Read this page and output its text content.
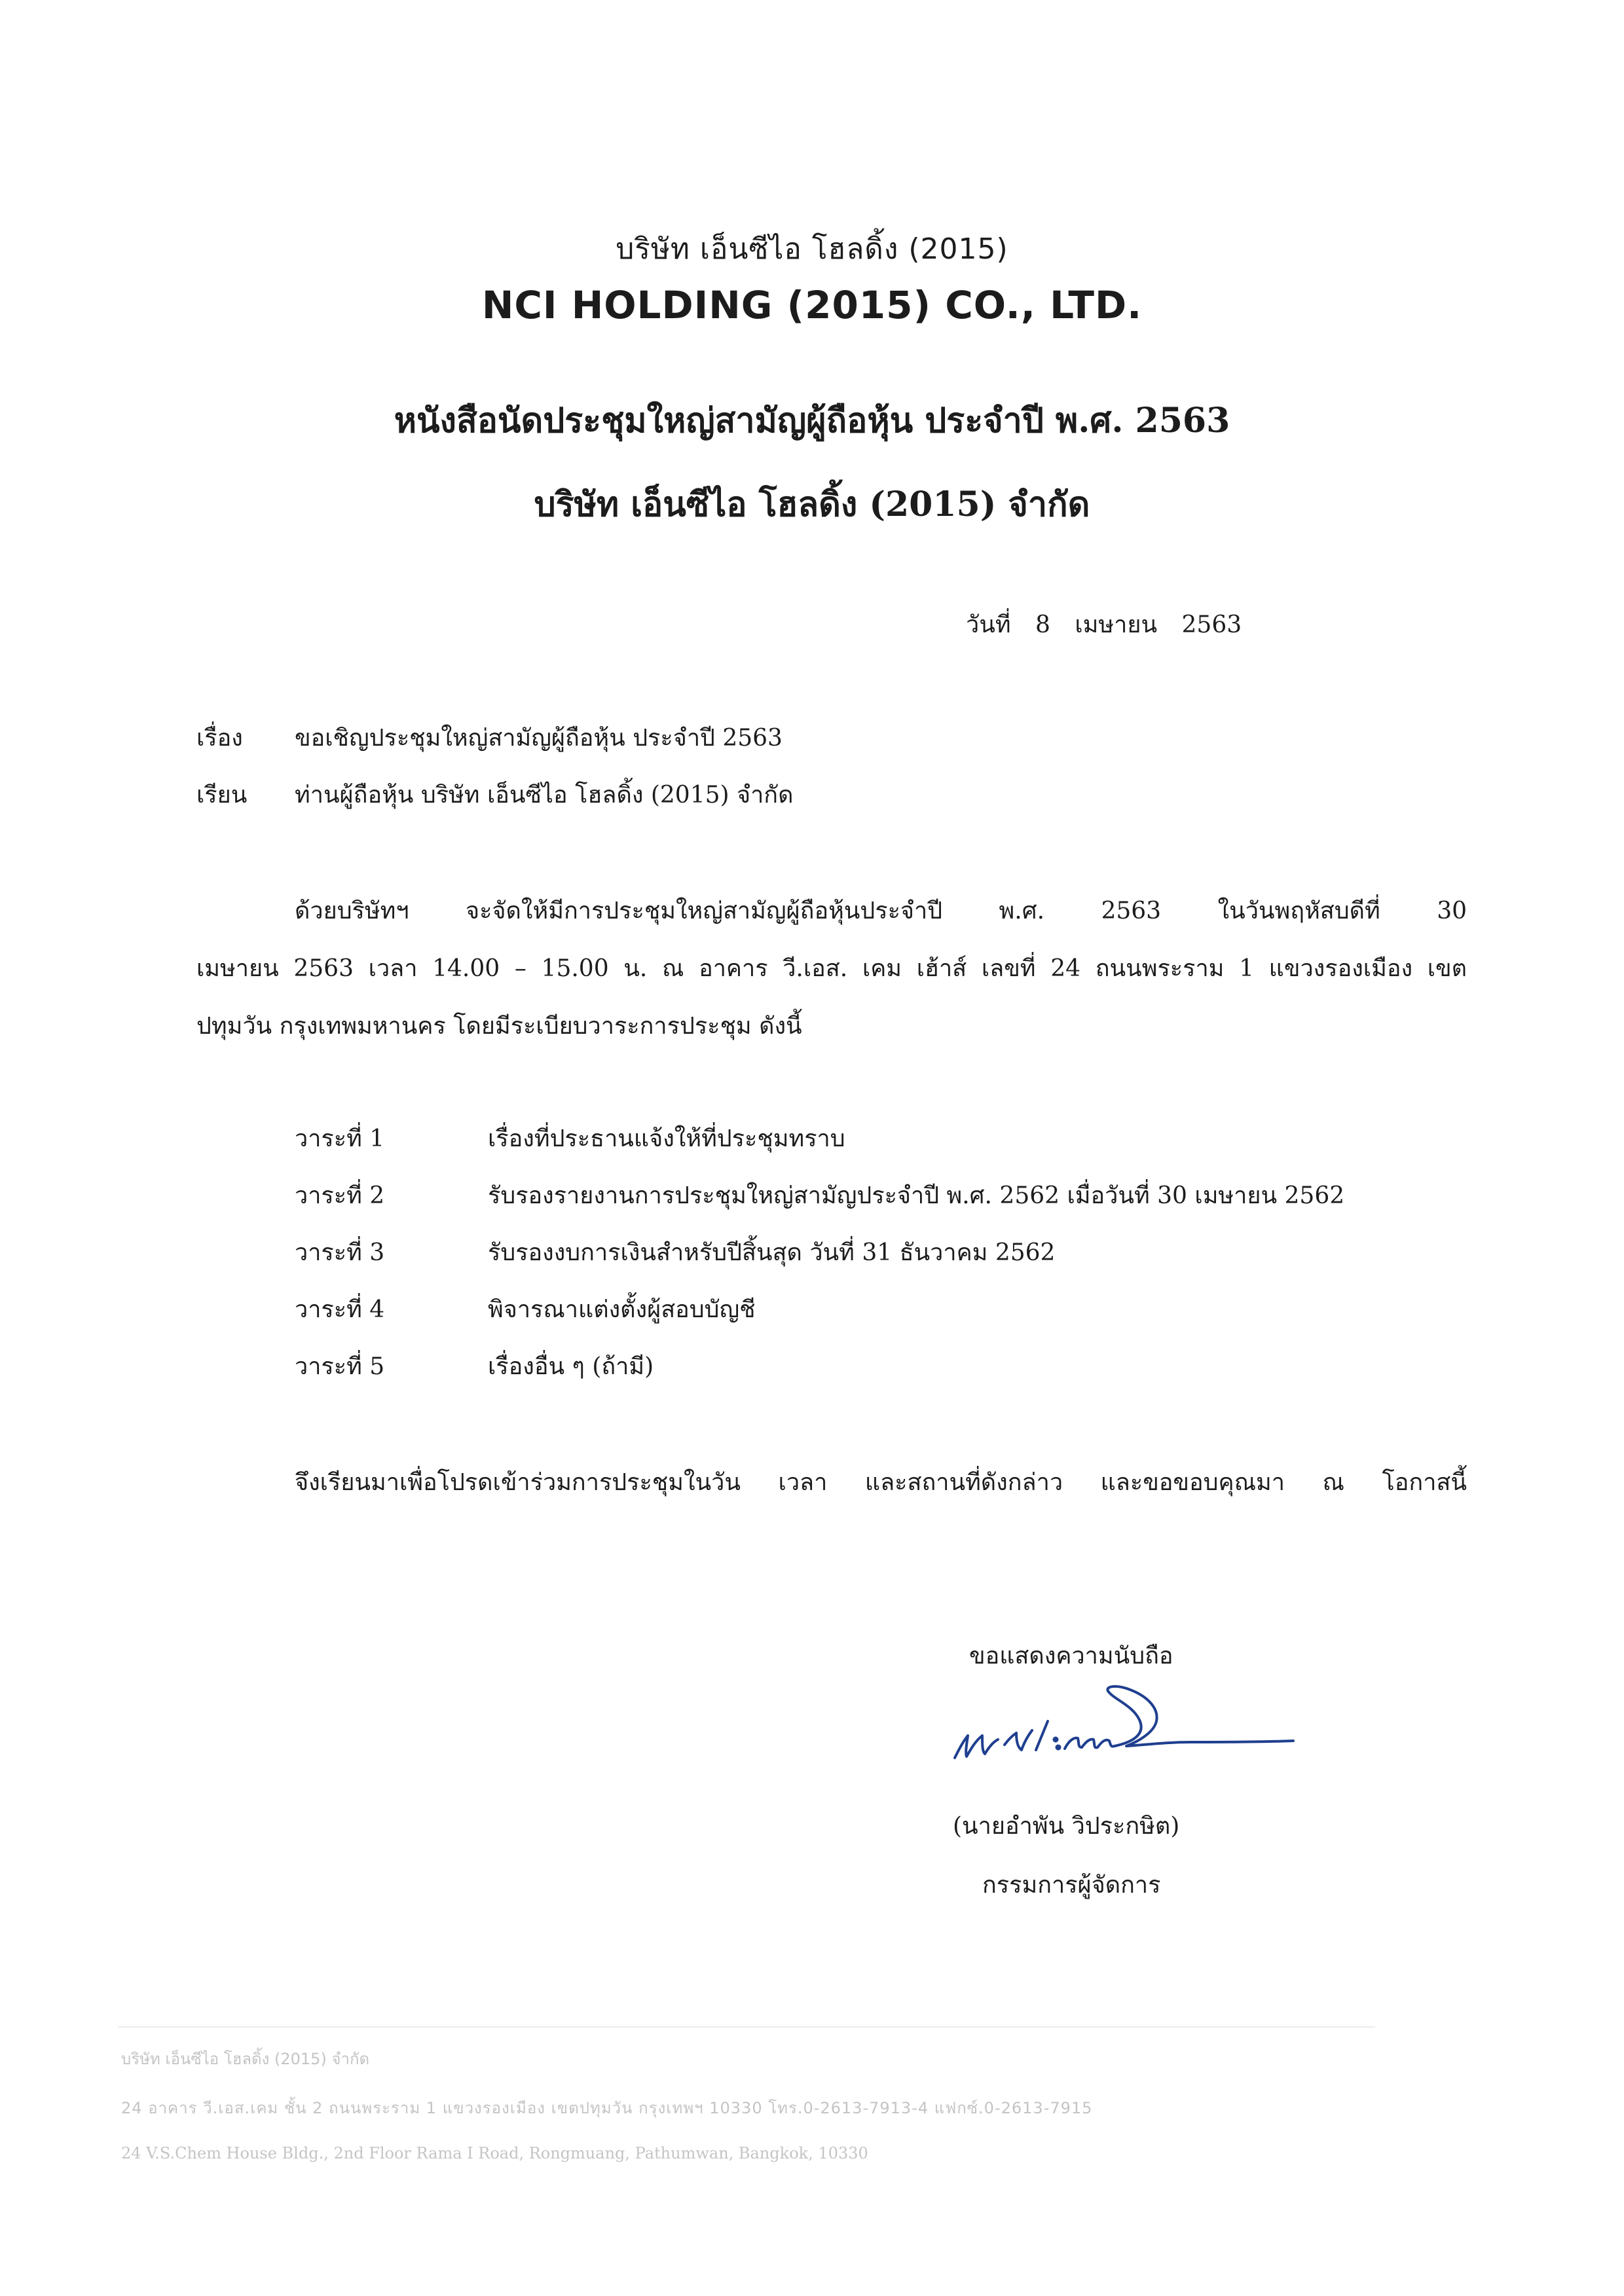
บริษัท เอ็นซีไอ โฮลดิ้ง (2015)
NCI HOLDING (2015) CO., LTD.
หนังสือนัดประชุมใหญ่สามัญผู้ถือหุ้น ประจำปี พ.ศ. 2563
บริษัท เอ็นซีไอ โฮลดิ้ง (2015) จำกัด
วันที่ 8 เมษายน 2563
เรื่อง ขอเชิญประชุมใหญ่สามัญผู้ถือหุ้น ประจำปี 2563
เรียน ท่านผู้ถือหุ้น บริษัท เอ็นซีไอ โฮลดิ้ง (2015) จำกัด
ด้วยบริษัทฯ จะจัดให้มีการประชุมใหญ่สามัญผู้ถือหุ้นประจำปี พ.ศ. 2563 ในวันพฤหัสบดีที่ 30
เมษายน 2563 เวลา 14.00 – 15.00 น. ณ อาคาร วี.เอส. เคม เฮ้าส์ เลขที่ 24 ถนนพระราม 1 แขวงรองเมือง เขต
ปทุมวัน กรุงเทพมหานคร โดยมีระเบียบวาระการประชุม ดังนี้
วาระที่ 1	เรื่องที่ประธานแจ้งให้ที่ประชุมทราบ
วาระที่ 2	รับรองรายงานการประชุมใหญ่สามัญประจำปี พ.ศ. 2562 เมื่อวันที่ 30 เมษายน 2562
วาระที่ 3	รับรองงบการเงินสำหรับปีสิ้นสุด วันที่ 31 ธันวาคม 2562
วาระที่ 4	พิจารณาแต่งตั้งผู้สอบบัญชี
วาระที่ 5	เรื่องอื่น ๆ (ถ้ามี)
จึงเรียนมาเพื่อโปรดเข้าร่วมการประชุมในวัน เวลา และสถานที่ดังกล่าว และขอขอบคุณมา ณ โอกาสนี้
ขอแสดงความนับถือ
(นายอำพัน วิประกษิต)
กรรมการผู้จัดการ
บริษัท เอ็นซีไอ โฮลดิ้ง (2015) จำกัด
24 อาคาร วี.เอส.เคม ชั้น 2 ถนนพระราม 1 แขวงรองเมือง เขตปทุมวัน กรุงเทพฯ 10330 โทร.0-2613-7913-4 แฟกซ์.0-2613-7915
24 V.S.Chem House Bldg., 2nd Floor Rama I Road, Rongmuang, Pathumwan, Bangkok, 10330
